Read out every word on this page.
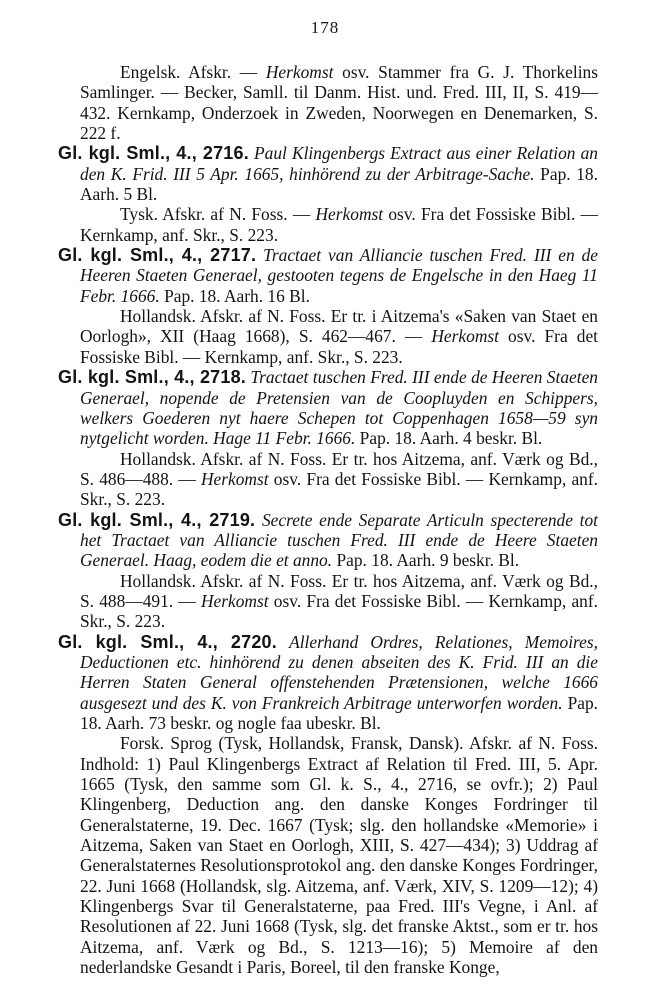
178

Engelsk. Afskr. — Herkomst osv. Stammer fra G. J. Thorkelins Samlinger. — Becker, Samll. til Danm. Hist. und. Fred. III, II, S. 419—432. Kernkamp, Onderzoek in Zweden, Noorwegen en Denemarken, S. 222 f.

Gl. kgl. Sml., 4., 2716. Paul Klingenbergs Extract aus einer Relation an den K. Frid. III 5 Apr. 1665, hinhörend zu der Arbitrage-Sache. Pap. 18. Aarh. 5 Bl.

Tysk. Afskr. af N. Foss. — Herkomst osv. Fra det Fossiske Bibl. — Kernkamp, anf. Skr., S. 223.

Gl. kgl. Sml., 4., 2717. Tractaet van Alliancie tuschen Fred. III en de Heeren Staeten Generael, gestooten tegens de Engelsche in den Haeg 11 Febr. 1666. Pap. 18. Aarh. 16 Bl.

Hollandsk. Afskr. af N. Foss. Er tr. i Aitzema's «Saken van Staet en Oorlogh», XII (Haag 1668), S. 462—467. — Herkomst osv. Fra det Fossiske Bibl. — Kernkamp, anf. Skr., S. 223.

Gl. kgl. Sml., 4., 2718. Tractaet tuschen Fred. III ende de Heeren Staeten Generael, nopende de Pretensien van de Coopluyden en Schippers, welkers Goederen nyt haere Schepen tot Coppenhagen 1658—59 syn nytgelicht worden. Hage 11 Febr. 1666. Pap. 18. Aarh. 4 beskr. Bl.

Hollandsk. Afskr. af N. Foss. Er tr. hos Aitzema, anf. Værk og Bd., S. 486—488. — Herkomst osv. Fra det Fossiske Bibl. — Kernkamp, anf. Skr., S. 223.

Gl. kgl. Sml., 4., 2719. Secrete ende Separate Articuln specterende tot het Tractaet van Alliancie tuschen Fred. III ende de Heere Staeten Generael. Haag, eodem die et anno. Pap. 18. Aarh. 9 beskr. Bl.

Hollandsk. Afskr. af N. Foss. Er tr. hos Aitzema, anf. Værk og Bd., S. 488—491. — Herkomst osv. Fra det Fossiske Bibl. — Kernkamp, anf. Skr., S. 223.

Gl. kgl. Sml., 4., 2720. Allerhand Ordres, Relationes, Memoires, Deductionen etc. hinhörend zu denen abseiten des K. Frid. III an die Herren Staten General offenstehenden Prætensionen, welche 1666 ausgesezt und des K. von Frankreich Arbitrage unterworfen worden. Pap. 18. Aarh. 73 beskr. og nogle faa ubeskr. Bl.

Forsk. Sprog (Tysk, Hollandsk, Fransk, Dansk). Afskr. af N. Foss. Indhold: 1) Paul Klingenbergs Extract af Relation til Fred. III, 5. Apr. 1665 (Tysk, den samme som Gl. k. S., 4., 2716, se ovfr.); 2) Paul Klingenberg, Deduction ang. den danske Konges Fordringer til Generalstaterne, 19. Dec. 1667 (Tysk; slg. den hollandske «Memorie» i Aitzema, Saken van Staet en Oorlogh, XIII, S. 427—434); 3) Uddrag af Generalstaternes Resolutionsprotokol ang. den danske Konges Fordringer, 22. Juni 1668 (Hollandsk, slg. Aitzema, anf. Værk, XIV, S. 1209—12); 4) Klingenbergs Svar til Generalstaterne, paa Fred. III's Vegne, i Anl. af Resolutionen af 22. Juni 1668 (Tysk, slg. det franske Aktst., som er tr. hos Aitzema, anf. Værk og Bd., S. 1213—16); 5) Memoire af den nederlandske Gesandt i Paris, Boreel, til den franske Konge,
